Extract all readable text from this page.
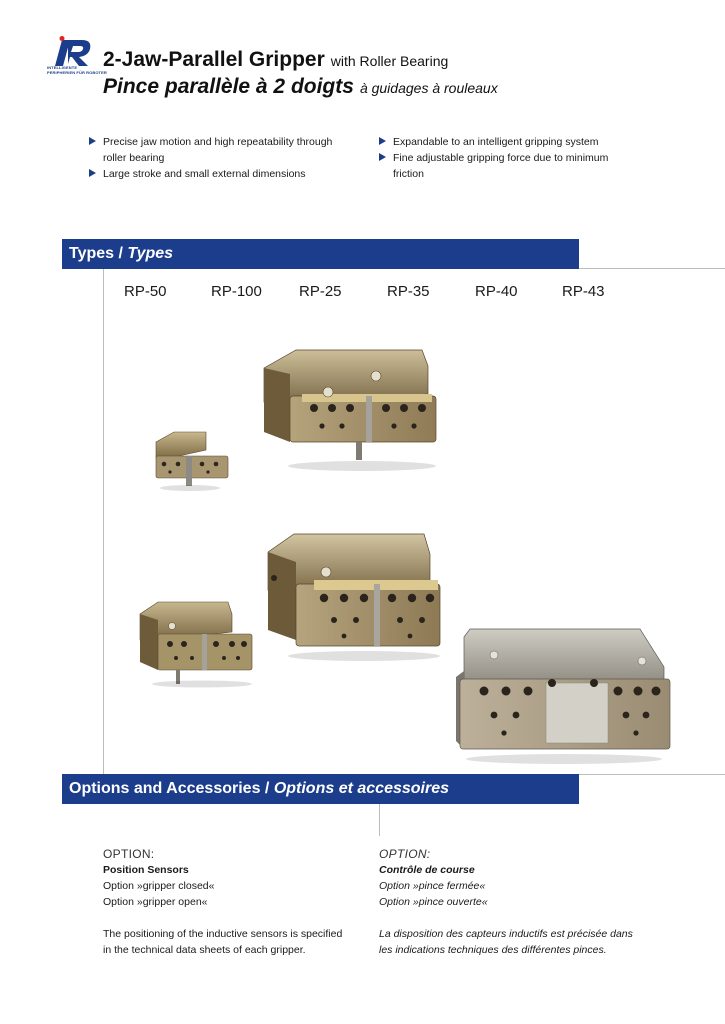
INTELLIGENTE
PERIPHERIEN FÜR ROBOTER
2-Jaw-Parallel Gripper with Roller Bearing
Pince parallèle à 2 doigts à guidages à rouleaux
Precise jaw motion and high repeatability through roller bearing
Large stroke and small external dimensions
Expandable to an intelligent gripping system
Fine adjustable gripping force due to minimum friction
Types / Types
RP-50	RP-100 RP-25	RP-35	RP-40	RP-43
Options and Accessories / Options et accessoires
OPTION:
Position Sensors
Option »gripper closed«
Option »gripper open«
The positioning of the inductive sensors is specified
in the technical data sheets of each gripper.
OPTION:
Contrôle de course
Option »pince fermée«
Option »pince ouverte«
La disposition des capteurs inductifs est précisée dans
les indications techniques des différentes pinces.
